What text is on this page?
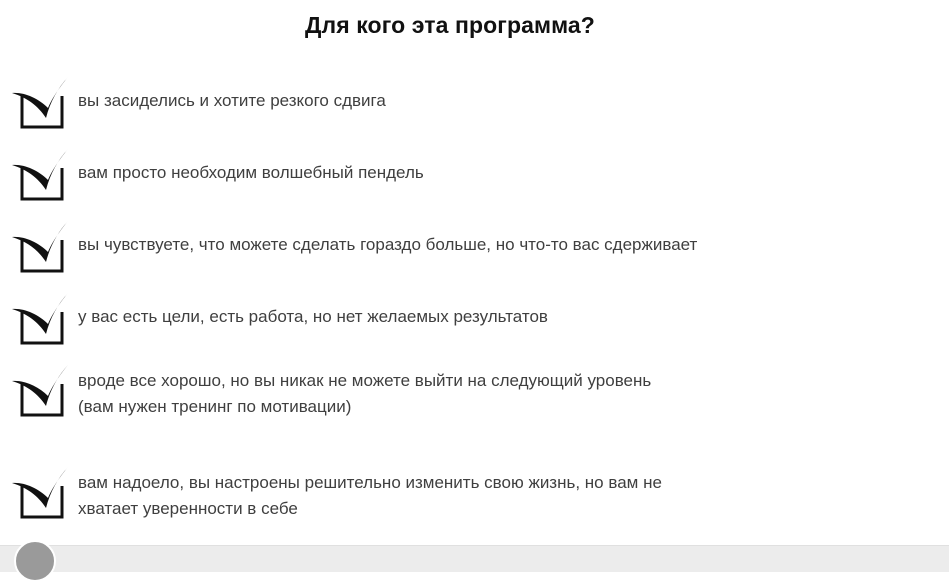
Для кого эта программа?
вы засиделись и хотите резкого сдвига
вам просто необходим волшебный пендель
вы чувствуете, что можете сделать гораздо больше, но что-то вас сдерживает
у вас есть цели, есть работа, но нет желаемых результатов
вроде все хорошо, но вы никак не можете выйти на следующий уровень
(вам нужен тренинг по мотивации)
вам надоело, вы настроены решительно изменить свою жизнь, но вам не
хватает уверенности в себе
